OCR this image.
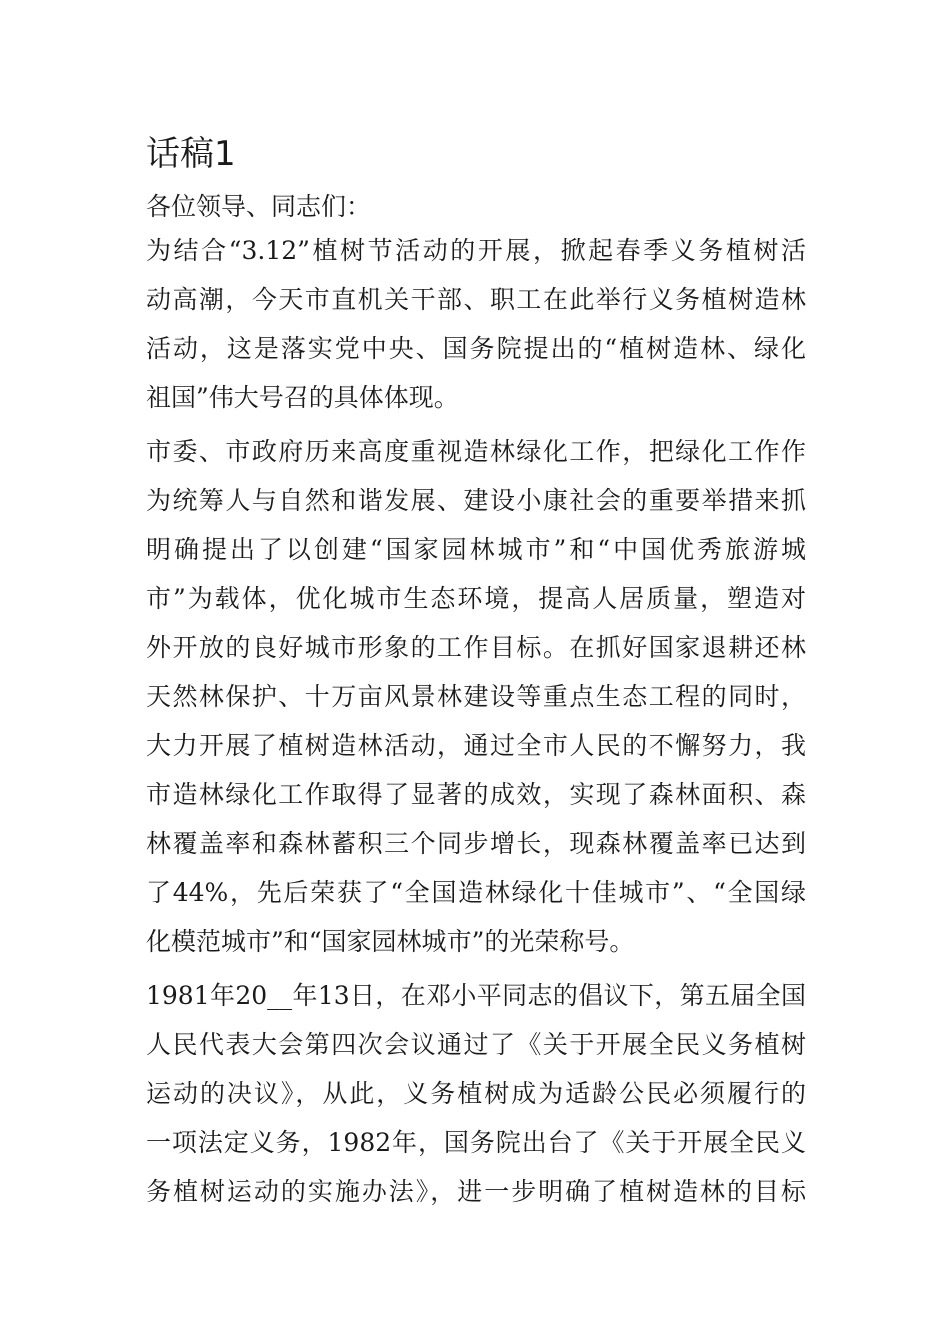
话稿1

各位领导、同志们：

为结合“3.12”植树节活动的开展，掀起春季义务植树活

动高潮，今天市直机关干部、职工在此举行义务植树造林

活动，这是落实党中央、国务院提出的“植树造林、绿化

祖国”伟大号召的具体体现。

市委、市政府历来高度重视造林绿化工作，把绿化工作作

为统筹人与自然和谐发展、建设小康社会的重要举措来抓

明确提出了以创建“国家园林城市”和“中国优秀旅游城

市”为载体，优化城市生态环境，提高人居质量，塑造对

外开放的良好城市形象的工作目标。在抓好国家退耕还林

天然林保护、十万亩风景林建设等重点生态工程的同时，

大力开展了植树造林活动，通过全市人民的不懈努力，我

市造林绿化工作取得了显著的成效，实现了森林面积、森

林覆盖率和森林蓄积三个同步增长，现森林覆盖率已达到

了44%，先后荣获了“全国造林绿化十佳城市”、“全国绿

化模范城市”和“国家园林城市”的光荣称号。

1981年20__年13日，在邓小平同志的倡议下，第五届全国

人民代表大会第四次会议通过了《关于开展全民义务植树

运动的决议》，从此，义务植树成为适龄公民必须履行的

一项法定义务，1982年，国务院出台了《关于开展全民义

务植树运动的实施办法》，进一步明确了植树造林的目标
